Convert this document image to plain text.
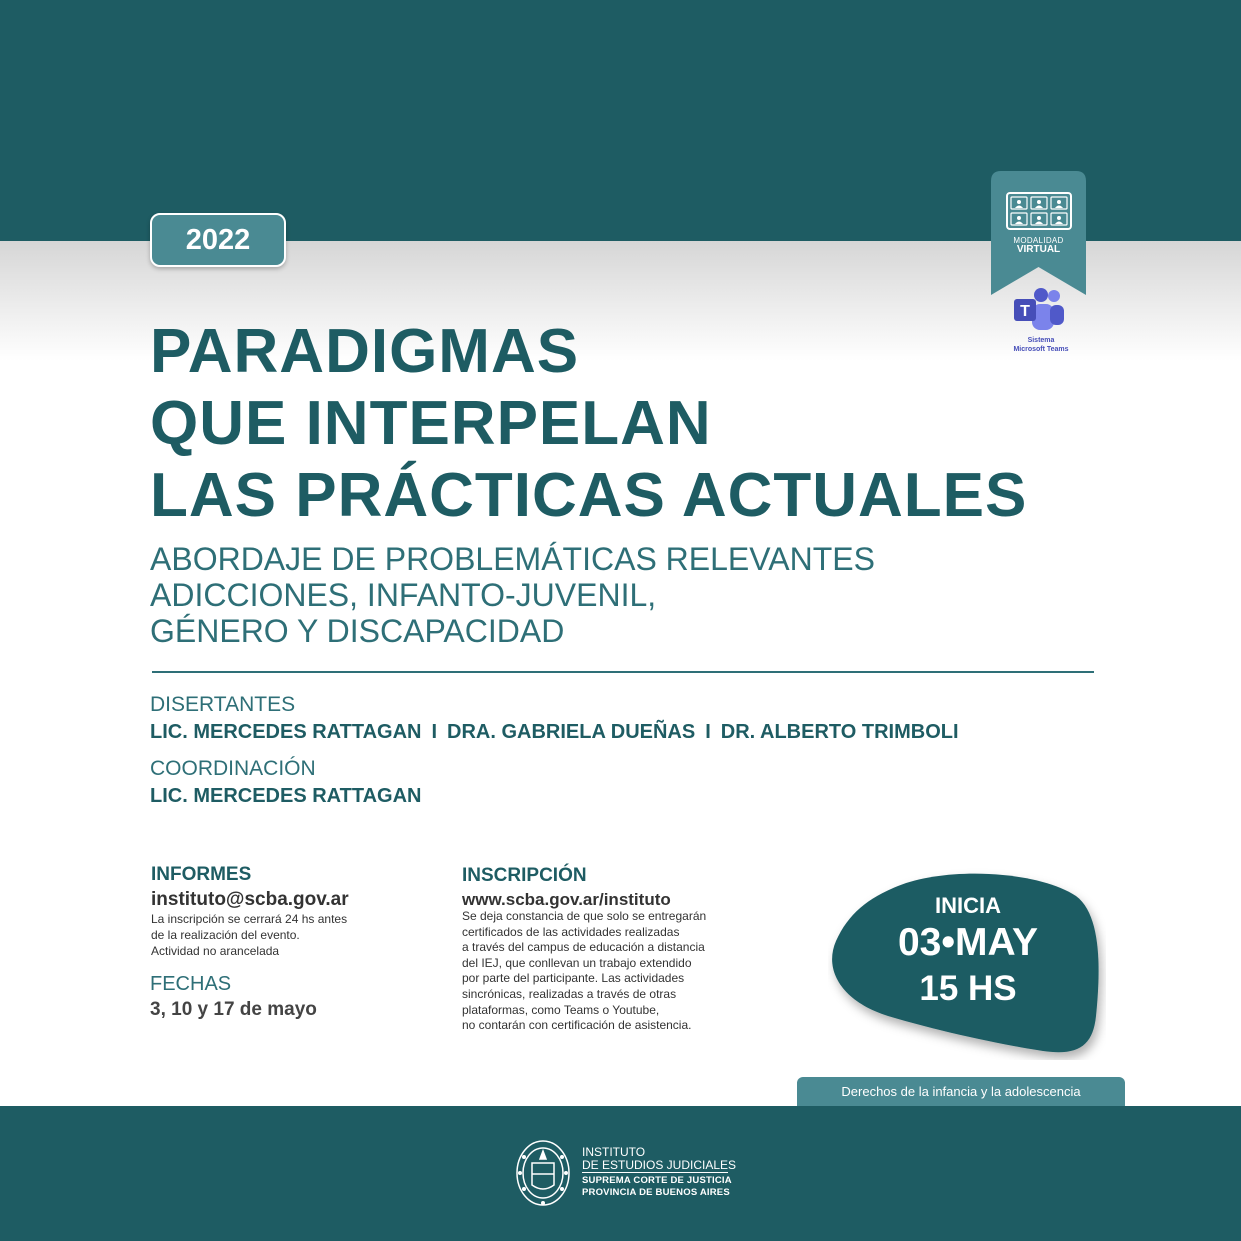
2022	MODALIDAD
VIRTUAL
T
Sistema
Microsoft Teams
PARADIGMAS
QUE INTERPELAN
LAS PRÁCTICAS ACTUALES
ABORDAJE DE PROBLEMÁTICAS RELEVANTES
ADICCIONES, INFANTO-JUVENIL,
GÉNERO Y DISCAPACIDAD
DISERTANTES
LIC. MERCEDES RATTAGAN I DRA. GABRIELA DUEÑAS I DR. ALBERTO TRIMBOLI
COORDINACIÓN
LIC. MERCEDES RATTAGAN
INFORMES
instituto@scba.gov.ar
La inscripción se cerrará 24 hs antes
de la realización del evento.
Actividad no arancelada
FECHAS
3, 10 y 17 de mayo
INSCRIPCIÓN
www.scba.gov.ar/instituto
Se deja constancia de que solo se entregarán
certificados de las actividades realizadas
a través del campus de educación a distancia
del IEJ, que conllevan un trabajo extendido
por parte del participante. Las actividades
sincrónicas, realizadas a través de otras
plataformas, como Teams o Youtube,
no contarán con certificación de asistencia.
INICIA
03•MAY
15 HS
Derechos de la infancia y la adolescencia
INSTITUTO
DE ESTUDIOS JUDICIALES
SUPREMA CORTE DE JUSTICIA
PROVINCIA DE BUENOS AIRES
